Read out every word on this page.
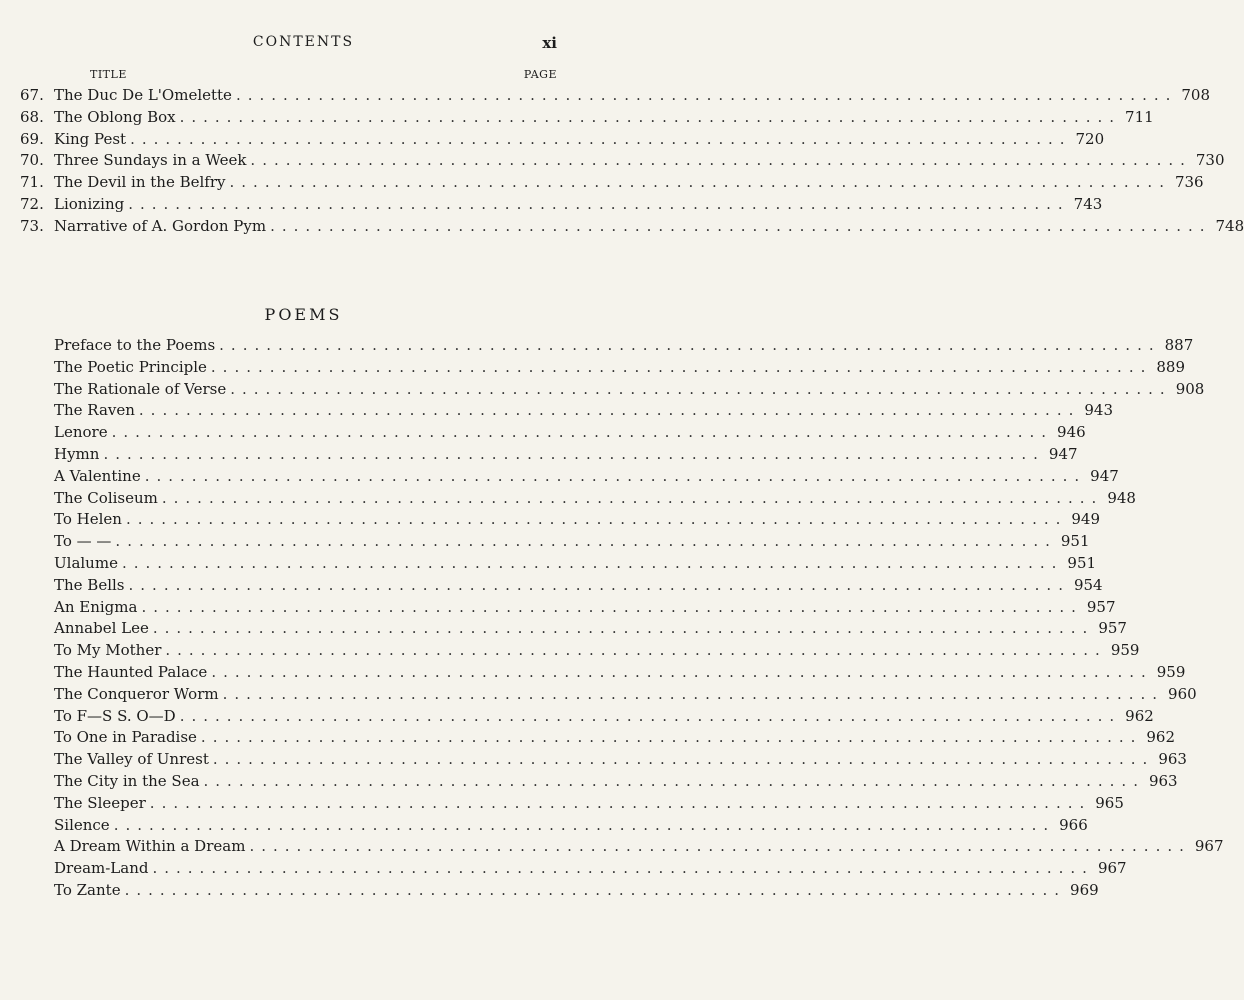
CONTENTS	xi
TITLE	PAGE
67. The Duc De L'Omelette ................................................................................ 708
68. The Oblong Box ................................................................................ 711
69. King Pest ................................................................................ 720
70. Three Sundays in a Week ................................................................................ 730
71. The Devil in the Belfry ................................................................................ 736
72. Lionizing ................................................................................ 743
73. Narrative of A. Gordon Pym ................................................................................ 748
POEMS
Preface to the Poems ................................................................................ 887
The Poetic Principle ................................................................................ 889
The Rationale of Verse ................................................................................ 908
The Raven ................................................................................ 943
Lenore ................................................................................ 946
Hymn ................................................................................ 947
A Valentine ................................................................................ 947
The Coliseum ................................................................................ 948
To Helen ................................................................................ 949
To — — ................................................................................ 951
Ulalume ................................................................................ 951
The Bells ................................................................................ 954
An Enigma ................................................................................ 957
Annabel Lee ................................................................................ 957
To My Mother ................................................................................ 959
The Haunted Palace ................................................................................ 959
The Conqueror Worm ................................................................................ 960
To F—S S. O—D ................................................................................ 962
To One in Paradise ................................................................................ 962
The Valley of Unrest ................................................................................ 963
The City in the Sea ................................................................................ 963
The Sleeper ................................................................................ 965
Silence ................................................................................ 966
A Dream Within a Dream ................................................................................ 967
Dream-Land ................................................................................ 967
To Zante ................................................................................ 969
